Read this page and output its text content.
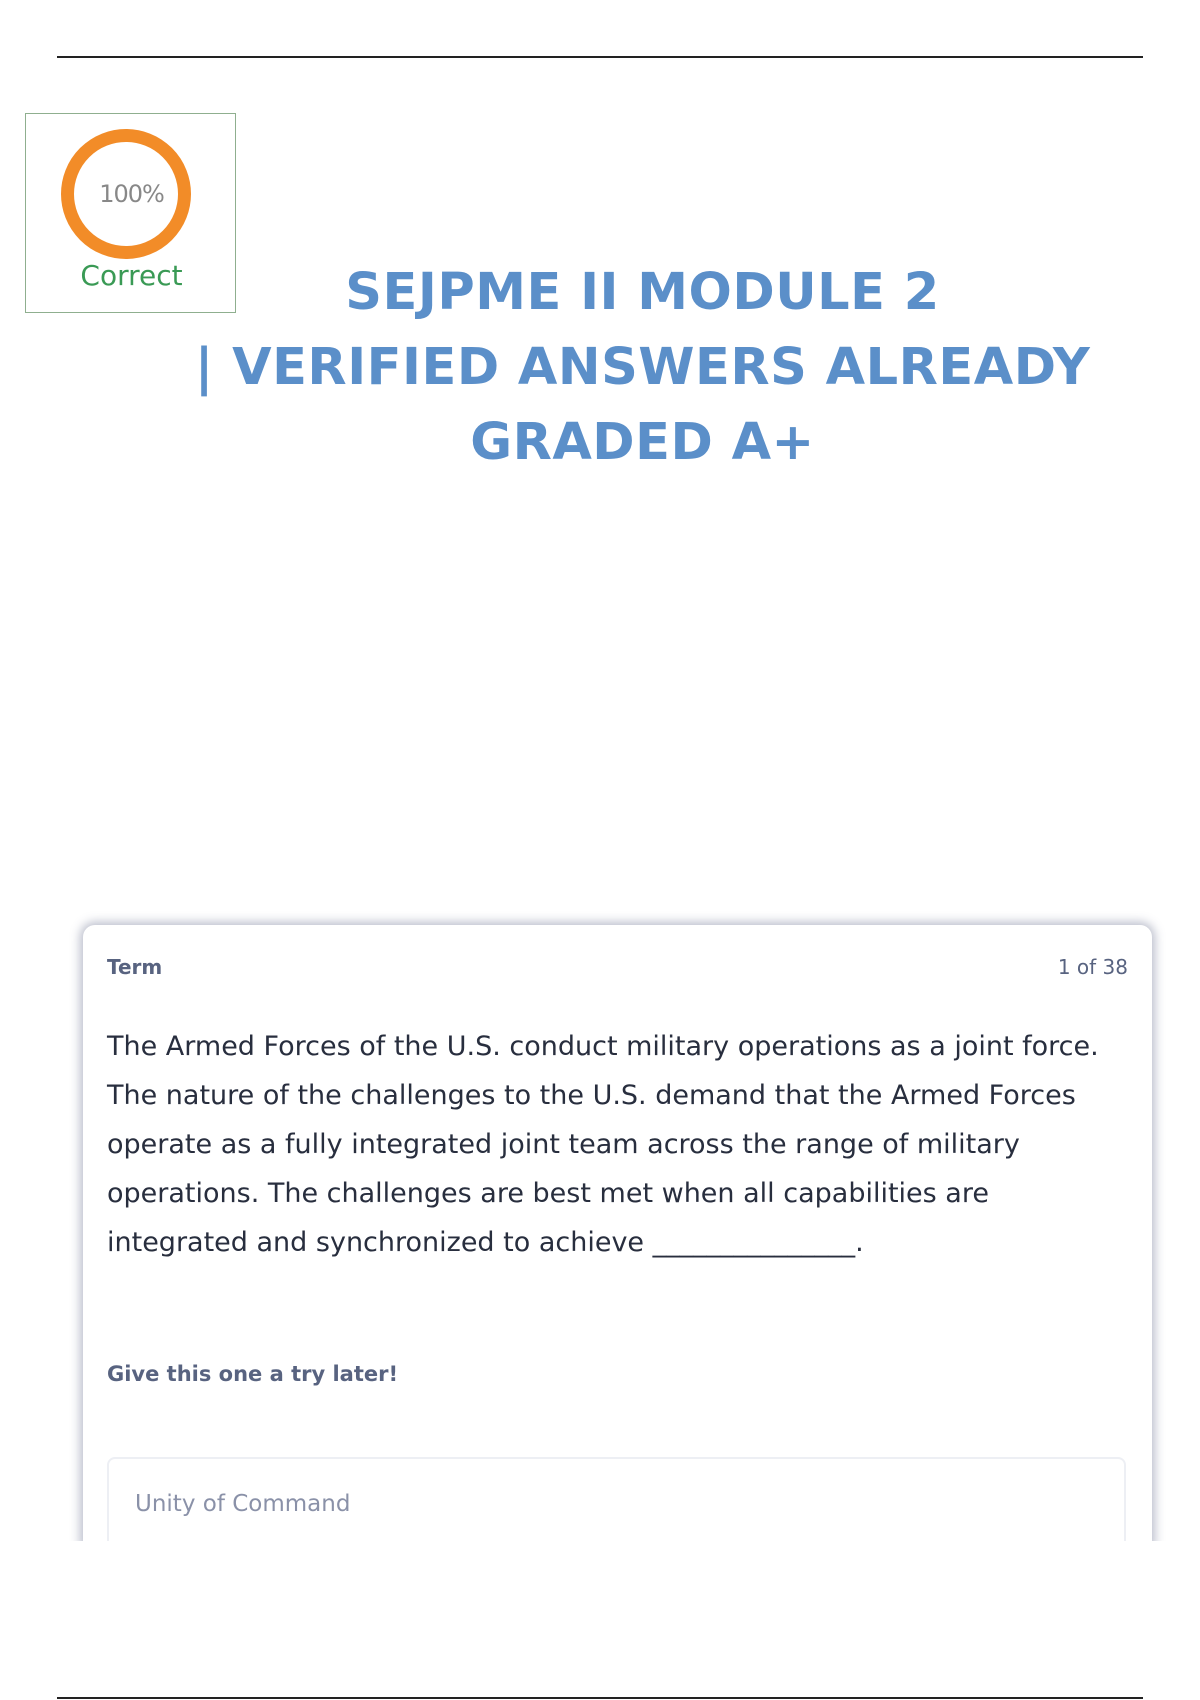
100%
Correct	SEJPME II MODULE 2
| VERIFIED ANSWERS ALREADY
GRADED A+
Term	1 of 38

The Armed Forces of the U.S. conduct military operations as a joint force. The nature of the challenges to the U.S. demand that the Armed Forces operate as a fully integrated joint team across the range of military operations. The challenges are best met when all capabilities are integrated and synchronized to achieve _______________.

Give this one a try later!
Unity of Command
